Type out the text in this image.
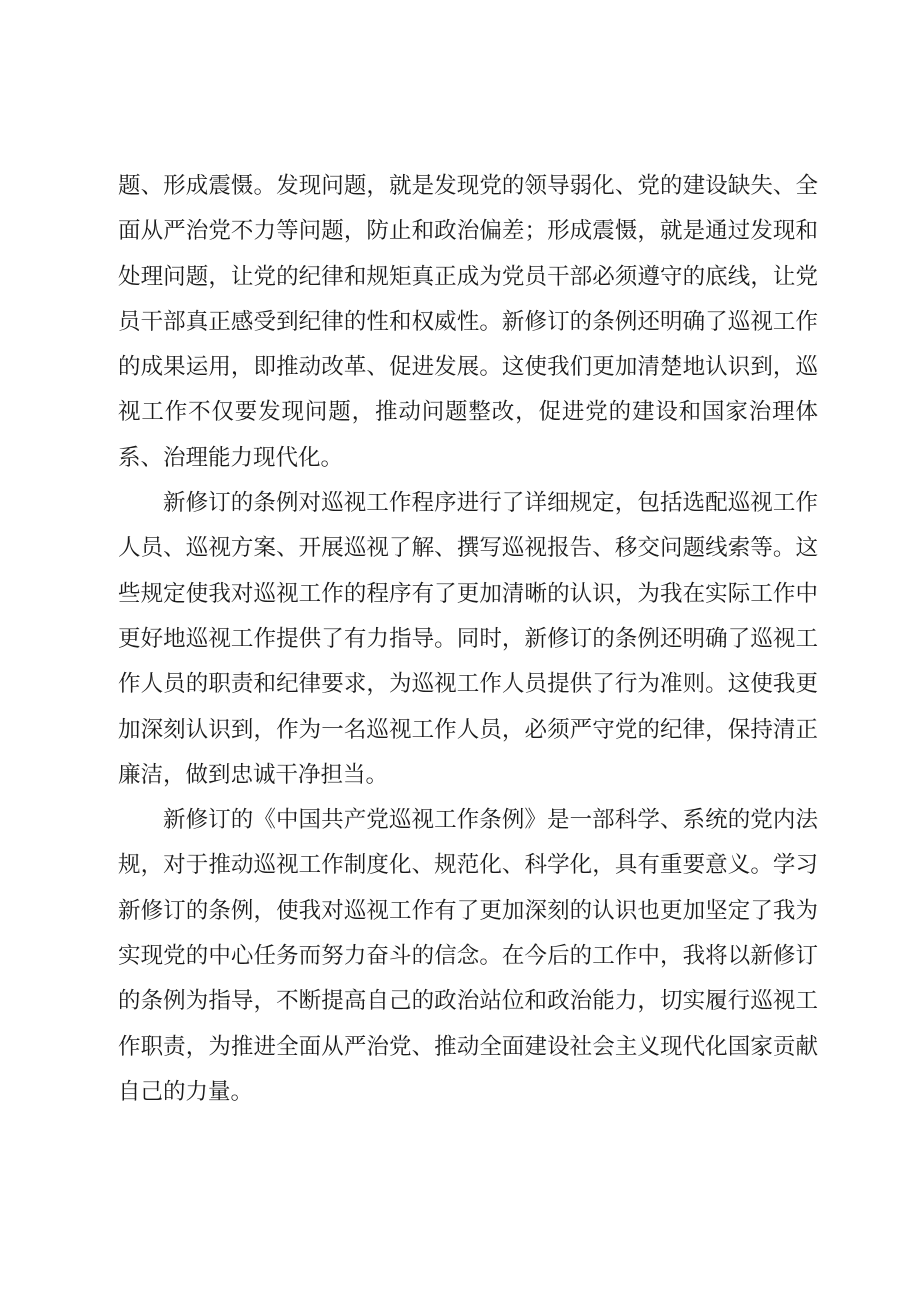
题、形成震慑。发现问题，就是发现党的领导弱化、党的建设缺失、全面从严治党不力等问题，防止和政治偏差；形成震慑，就是通过发现和处理问题，让党的纪律和规矩真正成为党员干部必须遵守的底线，让党员干部真正感受到纪律的性和权威性。新修订的条例还明确了巡视工作的成果运用，即推动改革、促进发展。这使我们更加清楚地认识到，巡视工作不仅要发现问题，推动问题整改，促进党的建设和国家治理体系、治理能力现代化。

新修订的条例对巡视工作程序进行了详细规定，包括选配巡视工作人员、巡视方案、开展巡视了解、撰写巡视报告、移交问题线索等。这些规定使我对巡视工作的程序有了更加清晰的认识，为我在实际工作中更好地巡视工作提供了有力指导。同时，新修订的条例还明确了巡视工作人员的职责和纪律要求，为巡视工作人员提供了行为准则。这使我更加深刻认识到，作为一名巡视工作人员，必须严守党的纪律，保持清正廉洁，做到忠诚干净担当。

新修订的《中国共产党巡视工作条例》是一部科学、系统的党内法规，对于推动巡视工作制度化、规范化、科学化，具有重要意义。学习新修订的条例，使我对巡视工作有了更加深刻的认识也更加坚定了我为实现党的中心任务而努力奋斗的信念。在今后的工作中，我将以新修订的条例为指导，不断提高自己的政治站位和政治能力，切实履行巡视工作职责，为推进全面从严治党、推动全面建设社会主义现代化国家贡献自己的力量。
